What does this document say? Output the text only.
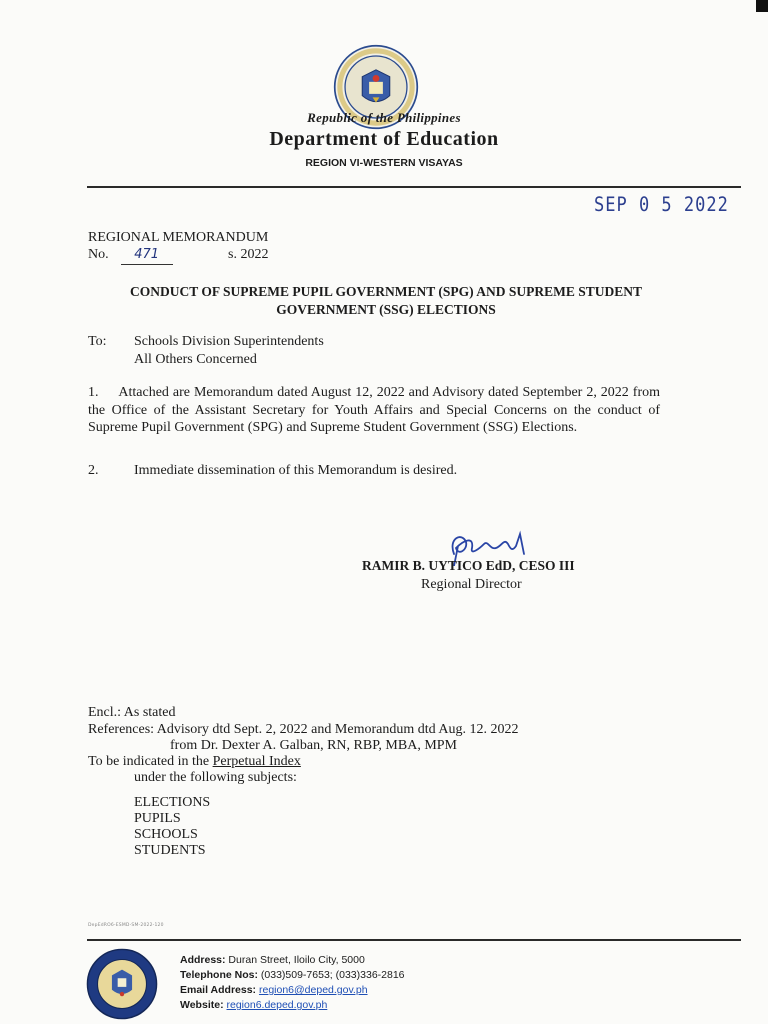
Republic of the Philippines
Department of Education
REGION VI-WESTERN VISAYAS
SEP 0 5 2022
REGIONAL MEMORANDUM
No. 471	s. 2022
CONDUCT OF SUPREME PUPIL GOVERNMENT (SPG) AND SUPREME STUDENT
GOVERNMENT (SSG) ELECTIONS
To: Schools Division Superintendents
All Others Concerned
1.     Attached are Memorandum dated August 12, 2022 and Advisory dated September 2, 2022 from the Office of the Assistant Secretary for Youth Affairs and Special Concerns on the conduct of Supreme Pupil Government (SPG) and Supreme Student Government (SSG) Elections.
2.	Immediate dissemination of this Memorandum is desired.
RAMIR B. UYTICO EdD, CESO III
Regional Director
Encl.: As stated
References: Advisory dtd Sept. 2, 2022 and Memorandum dtd Aug. 12. 2022
from Dr. Dexter A. Galban, RN, RBP, MBA, MPM
To be indicated in the Perpetual Index
under the following subjects:
ELECTIONS
PUPILS
SCHOOLS
STUDENTS
DepEdRO6-ESMD-SM-2022-120
Address: Duran Street, Iloilo City, 5000
Telephone Nos: (033)509-7653; (033)336-2816
Email Address: region6@deped.gov.ph
Website: region6.deped.gov.ph
